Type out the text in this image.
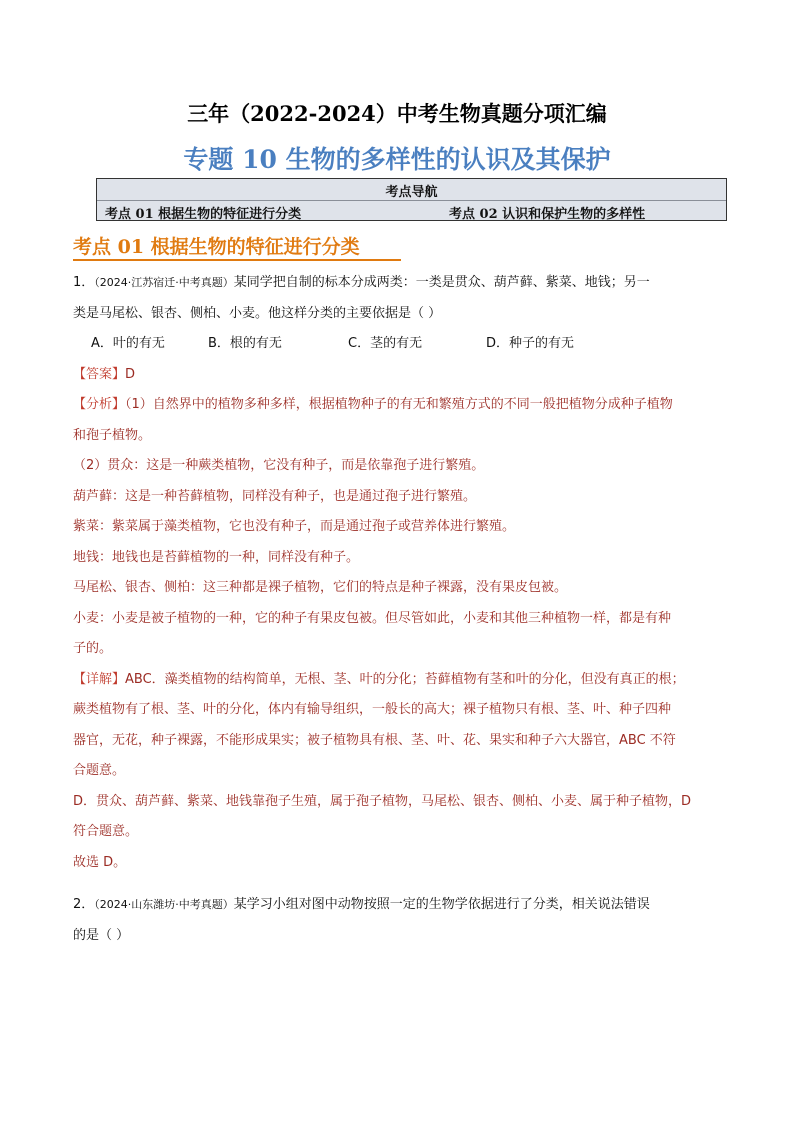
三年（2022-2024）中考生物真题分项汇编
专题 10 生物的多样性的认识及其保护
考点导航
考点 01 根据生物的特征进行分类	考点 02 认识和保护生物的多样性
考点 01 根据生物的特征进行分类

1．（2024·江苏宿迁·中考真题）某同学把自制的标本分成两类：一类是贯众、葫芦藓、紫菜、地钱；另一

类是马尾松、银杏、侧柏、小麦。他这样分类的主要依据是（ ）

A．叶的有无	B．根的有无	C．茎的有无	D．种子的有无

【答案】D

【分析】（1）自然界中的植物多种多样，根据植物种子的有无和繁殖方式的不同一般把植物分成种子植物

和孢子植物。

（2）贯众：这是一种蕨类植物，它没有种子，而是依靠孢子进行繁殖。

葫芦藓：这是一种苔藓植物，同样没有种子，也是通过孢子进行繁殖。

紫菜：紫菜属于藻类植物，它也没有种子，而是通过孢子或营养体进行繁殖。

地钱：地钱也是苔藓植物的一种，同样没有种子。

马尾松、银杏、侧柏：这三种都是裸子植物，它们的特点是种子裸露，没有果皮包被。

小麦：小麦是被子植物的一种，它的种子有果皮包被。但尽管如此，小麦和其他三种植物一样，都是有种

子的。

【详解】ABC．藻类植物的结构简单，无根、茎、叶的分化；苔藓植物有茎和叶的分化，但没有真正的根；

蕨类植物有了根、茎、叶的分化，体内有输导组织，一般长的高大；裸子植物只有根、茎、叶、种子四种

器官，无花，种子裸露，不能形成果实；被子植物具有根、茎、叶、花、果实和种子六大器官，ABC 不符

合题意。

D．贯众、葫芦藓、紫菜、地钱靠孢子生殖，属于孢子植物，马尾松、银杏、侧柏、小麦、属于种子植物，D

符合题意。

故选 D。

2．（2024·山东潍坊·中考真题）某学习小组对图中动物按照一定的生物学依据进行了分类，相关说法错误

的是（ ）
